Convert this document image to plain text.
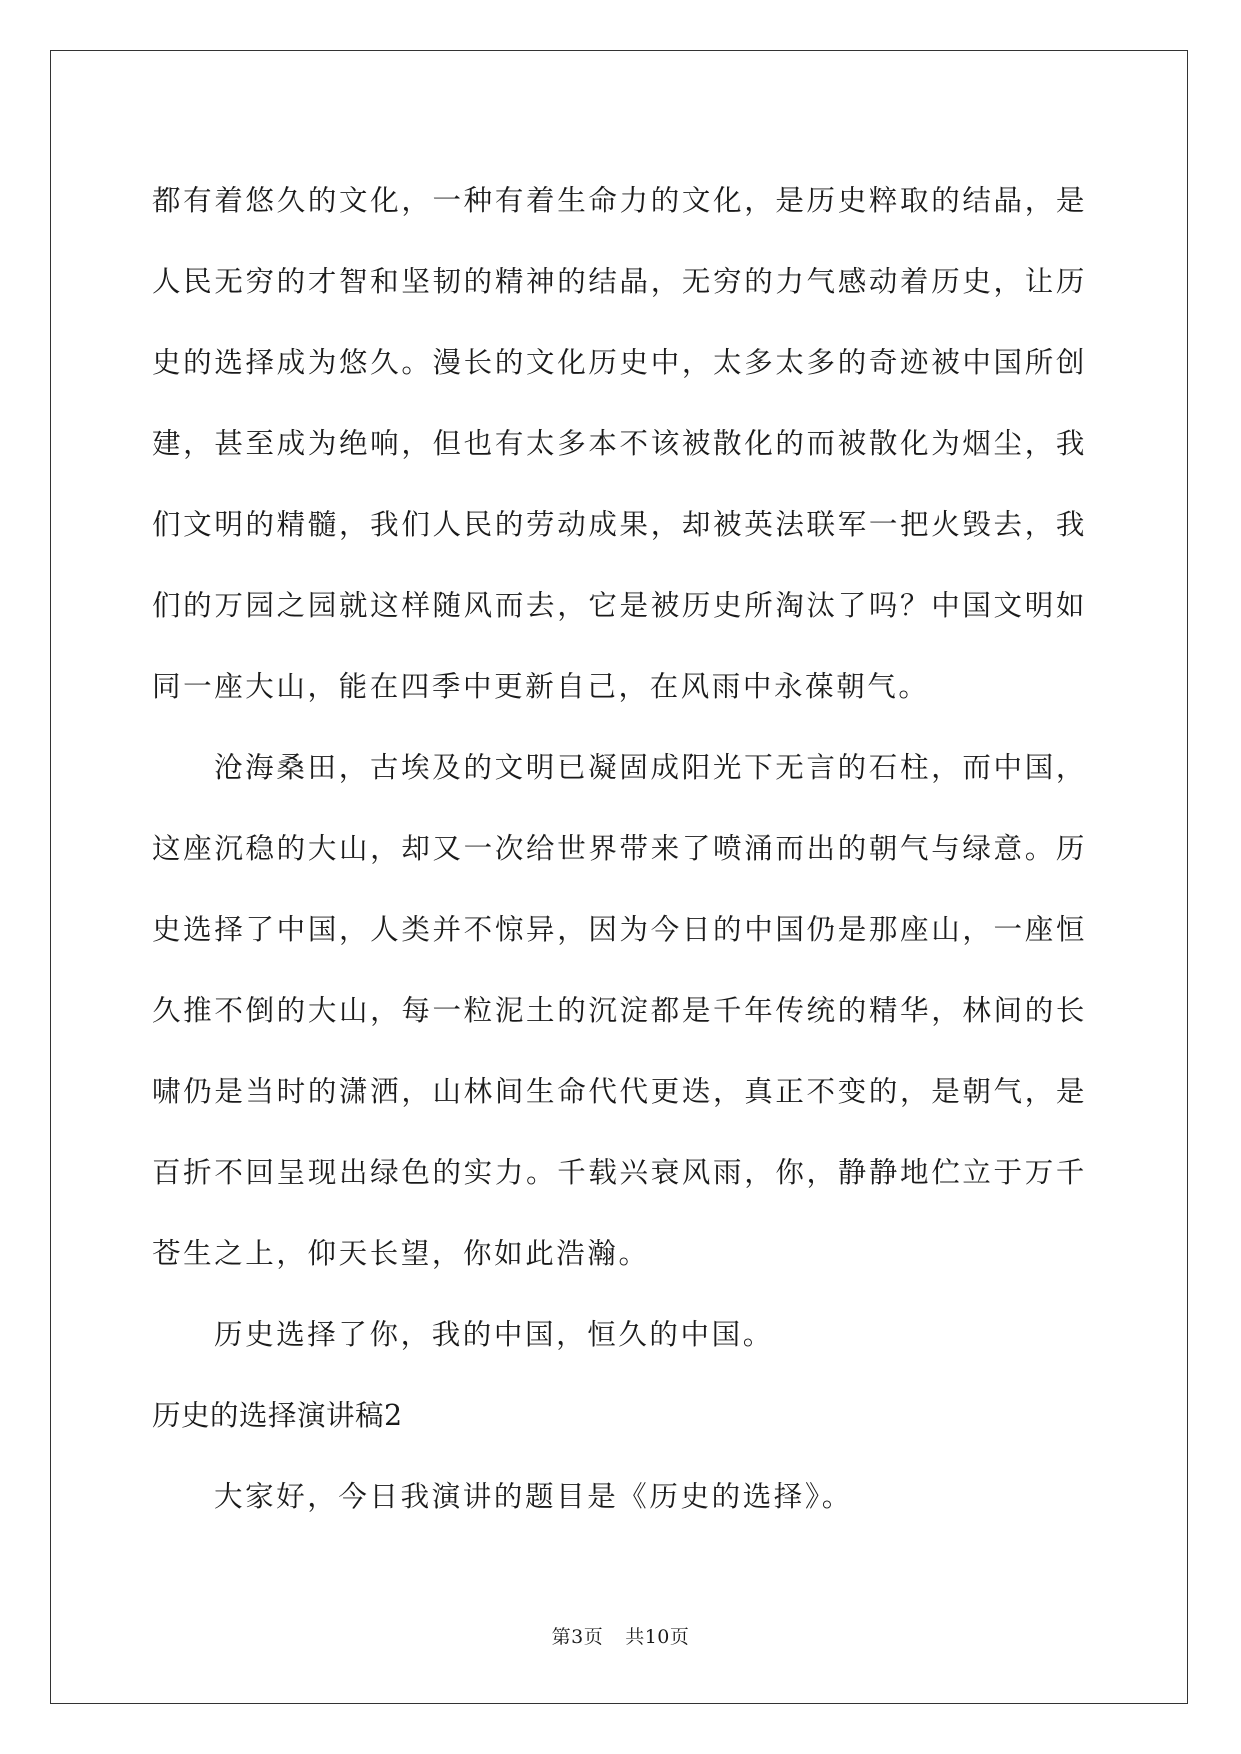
都有着悠久的文化，一种有着生命力的文化，是历史粹取的结晶，是人民无穷的才智和坚韧的精神的结晶，无穷的力气感动着历史，让历史的选择成为悠久。漫长的文化历史中，太多太多的奇迹被中国所创建，甚至成为绝响，但也有太多本不该被散化的而被散化为烟尘，我们文明的精髓，我们人民的劳动成果，却被英法联军一把火毁去，我们的万园之园就这样随风而去，它是被历史所淘汰了吗？中国文明如同一座大山，能在四季中更新自己，在风雨中永葆朝气。

沧海桑田，古埃及的文明已凝固成阳光下无言的石柱，而中国，这座沉稳的大山，却又一次给世界带来了喷涌而出的朝气与绿意。历史选择了中国，人类并不惊异，因为今日的中国仍是那座山，一座恒久推不倒的大山，每一粒泥土的沉淀都是千年传统的精华，林间的长啸仍是当时的潇洒，山林间生命代代更迭，真正不变的，是朝气，是百折不回呈现出绿色的实力。千载兴衰风雨，你，静静地伫立于万千苍生之上，仰天长望，你如此浩瀚。

历史选择了你，我的中国，恒久的中国。

历史的选择演讲稿2

大家好，今日我演讲的题目是《历史的选择》。

第3页 共10页
